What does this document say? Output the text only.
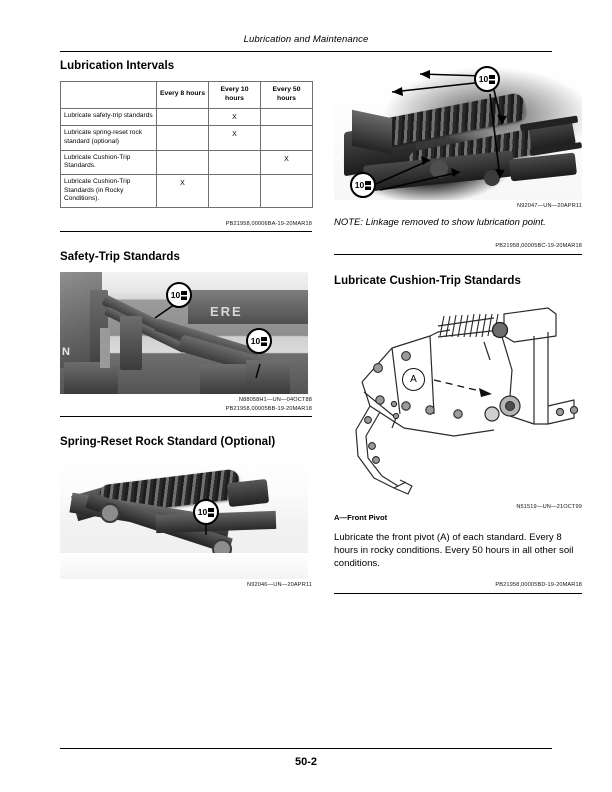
Lubrication and Maintenance
Lubrication Intervals
	Every 8 hours	Every 10 hours	Every 50 hours
Lubricate safety-trip standards		X	
Lubricate spring-reset rock standard (optional)		X	
Lubricate Cushion-Trip Standards.			X
Lubricate Cushion-Trip Standards (in Rocky Conditions).	X		
PB21958,00006BA-19-20MAR18
Safety-Trip Standards
ERE
N
10
10
N88058H1—UN—04OCT88
PB21958,00005BB-19-20MAR18
Spring-Reset Rock Standard (Optional)
10
N92046—UN—20APR11
10
10
N92047—UN—20APR11

NOTE: Linkage removed to show lubrication point.

PB21958,00005BC-19-20MAR18
Lubricate Cushion-Trip Standards
A
N51519—UN—21OCT99

A—Front Pivot

Lubricate the front pivot (A) of each standard. Every 8 hours in rocky conditions. Every 50 hours in all other soil conditions.

PB21958,00005BD-19-20MAR18
50-2
